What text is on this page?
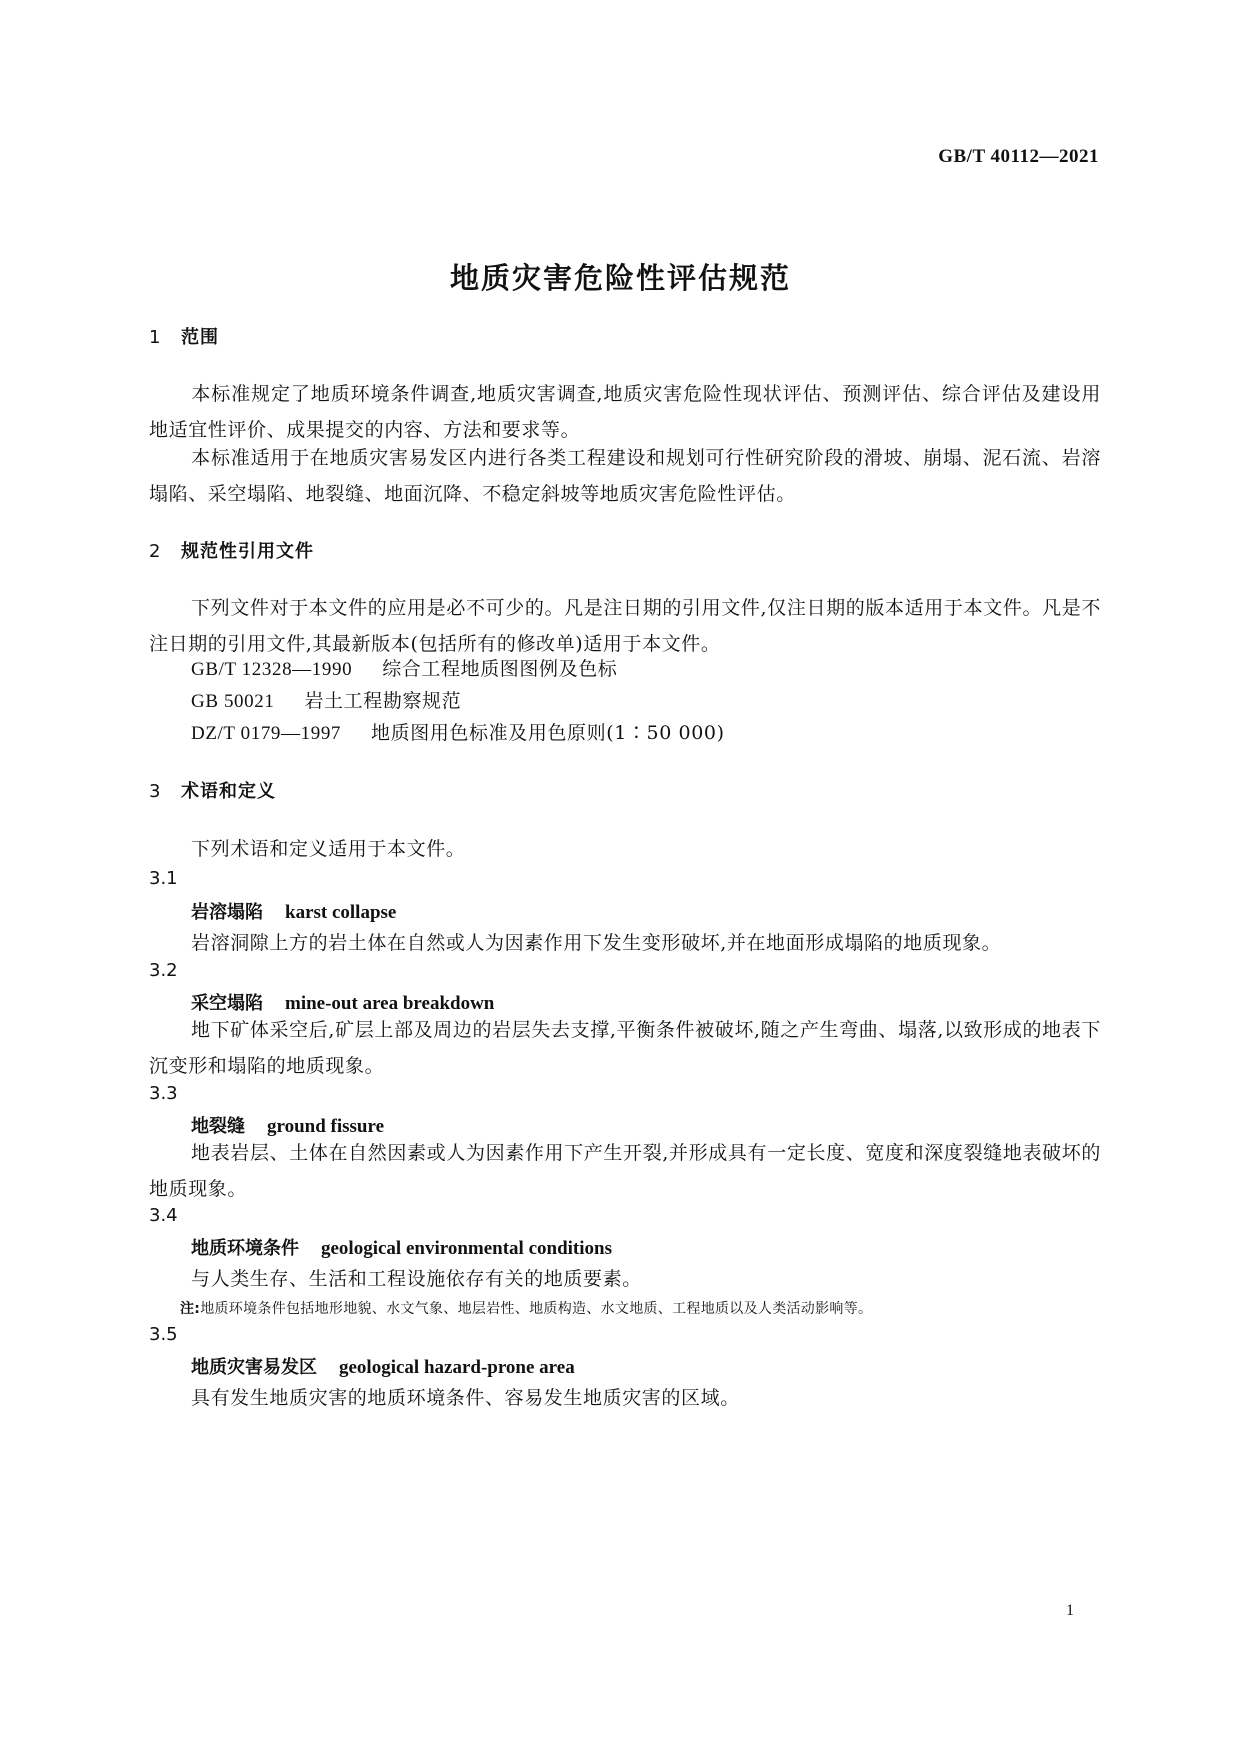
GB/T 40112—2021
地质灾害危险性评估规范
1 范围
本标准规定了地质环境条件调查,地质灾害调查,地质灾害危险性现状评估、预测评估、综合评估及建设用地适宜性评价、成果提交的内容、方法和要求等。
本标准适用于在地质灾害易发区内进行各类工程建设和规划可行性研究阶段的滑坡、崩塌、泥石流、岩溶塌陷、采空塌陷、地裂缝、地面沉降、不稳定斜坡等地质灾害危险性评估。
2 规范性引用文件
下列文件对于本文件的应用是必不可少的。凡是注日期的引用文件,仅注日期的版本适用于本文件。凡是不注日期的引用文件,其最新版本(包括所有的修改单)适用于本文件。
GB/T 12328—1990 综合工程地质图图例及色标
GB 50021 岩土工程勘察规范
DZ/T 0179—1997 地质图用色标准及用色原则(1∶50 000)
3 术语和定义
下列术语和定义适用于本文件。
3.1
岩溶塌陷 karst collapse
岩溶洞隙上方的岩土体在自然或人为因素作用下发生变形破坏,并在地面形成塌陷的地质现象。
3.2
采空塌陷 mine-out area breakdown
地下矿体采空后,矿层上部及周边的岩层失去支撑,平衡条件被破坏,随之产生弯曲、塌落,以致形成的地表下沉变形和塌陷的地质现象。
3.3
地裂缝 ground fissure
地表岩层、土体在自然因素或人为因素作用下产生开裂,并形成具有一定长度、宽度和深度裂缝地表破坏的地质现象。
3.4
地质环境条件 geological environmental conditions
与人类生存、生活和工程设施依存有关的地质要素。
注:地质环境条件包括地形地貌、水文气象、地层岩性、地质构造、水文地质、工程地质以及人类活动影响等。
3.5
地质灾害易发区 geological hazard-prone area
具有发生地质灾害的地质环境条件、容易发生地质灾害的区域。
1
